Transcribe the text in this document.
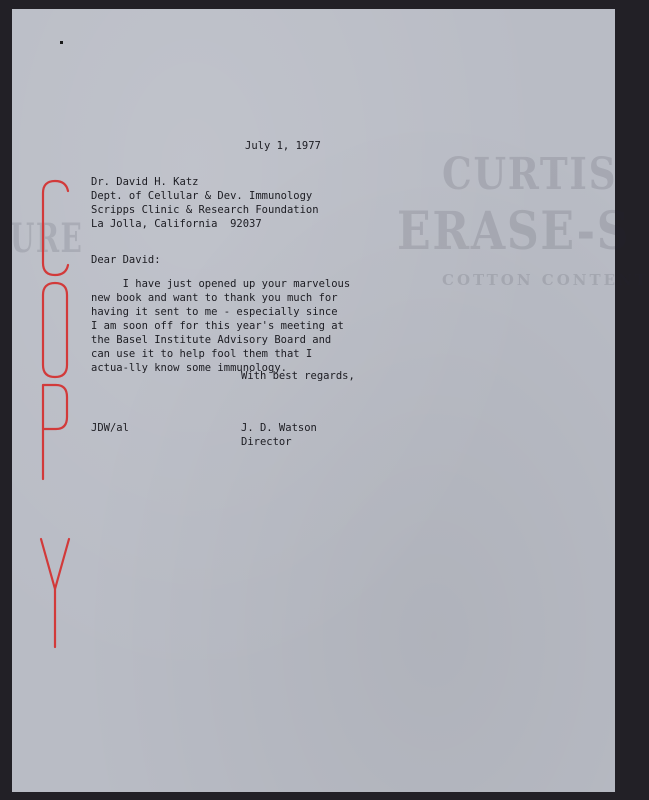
CURTIS
ERASE-S
COTTON CONTENT
URE

July 1, 1977

Dr. David H. Katz
Dept. of Cellular & Dev. Immunology
Scripps Clinic & Research Foundation
La Jolla, California  92037

Dear David:

I have just opened up your marvelous
new book and want to thank you much for
having it sent to me - especially since
I am soon off for this year's meeting at
the Basel Institute Advisory Board and
can use it to help fool them that I
actua-lly know some immunology.

With best regards,

JDW/al	J. D. Watson
Director
